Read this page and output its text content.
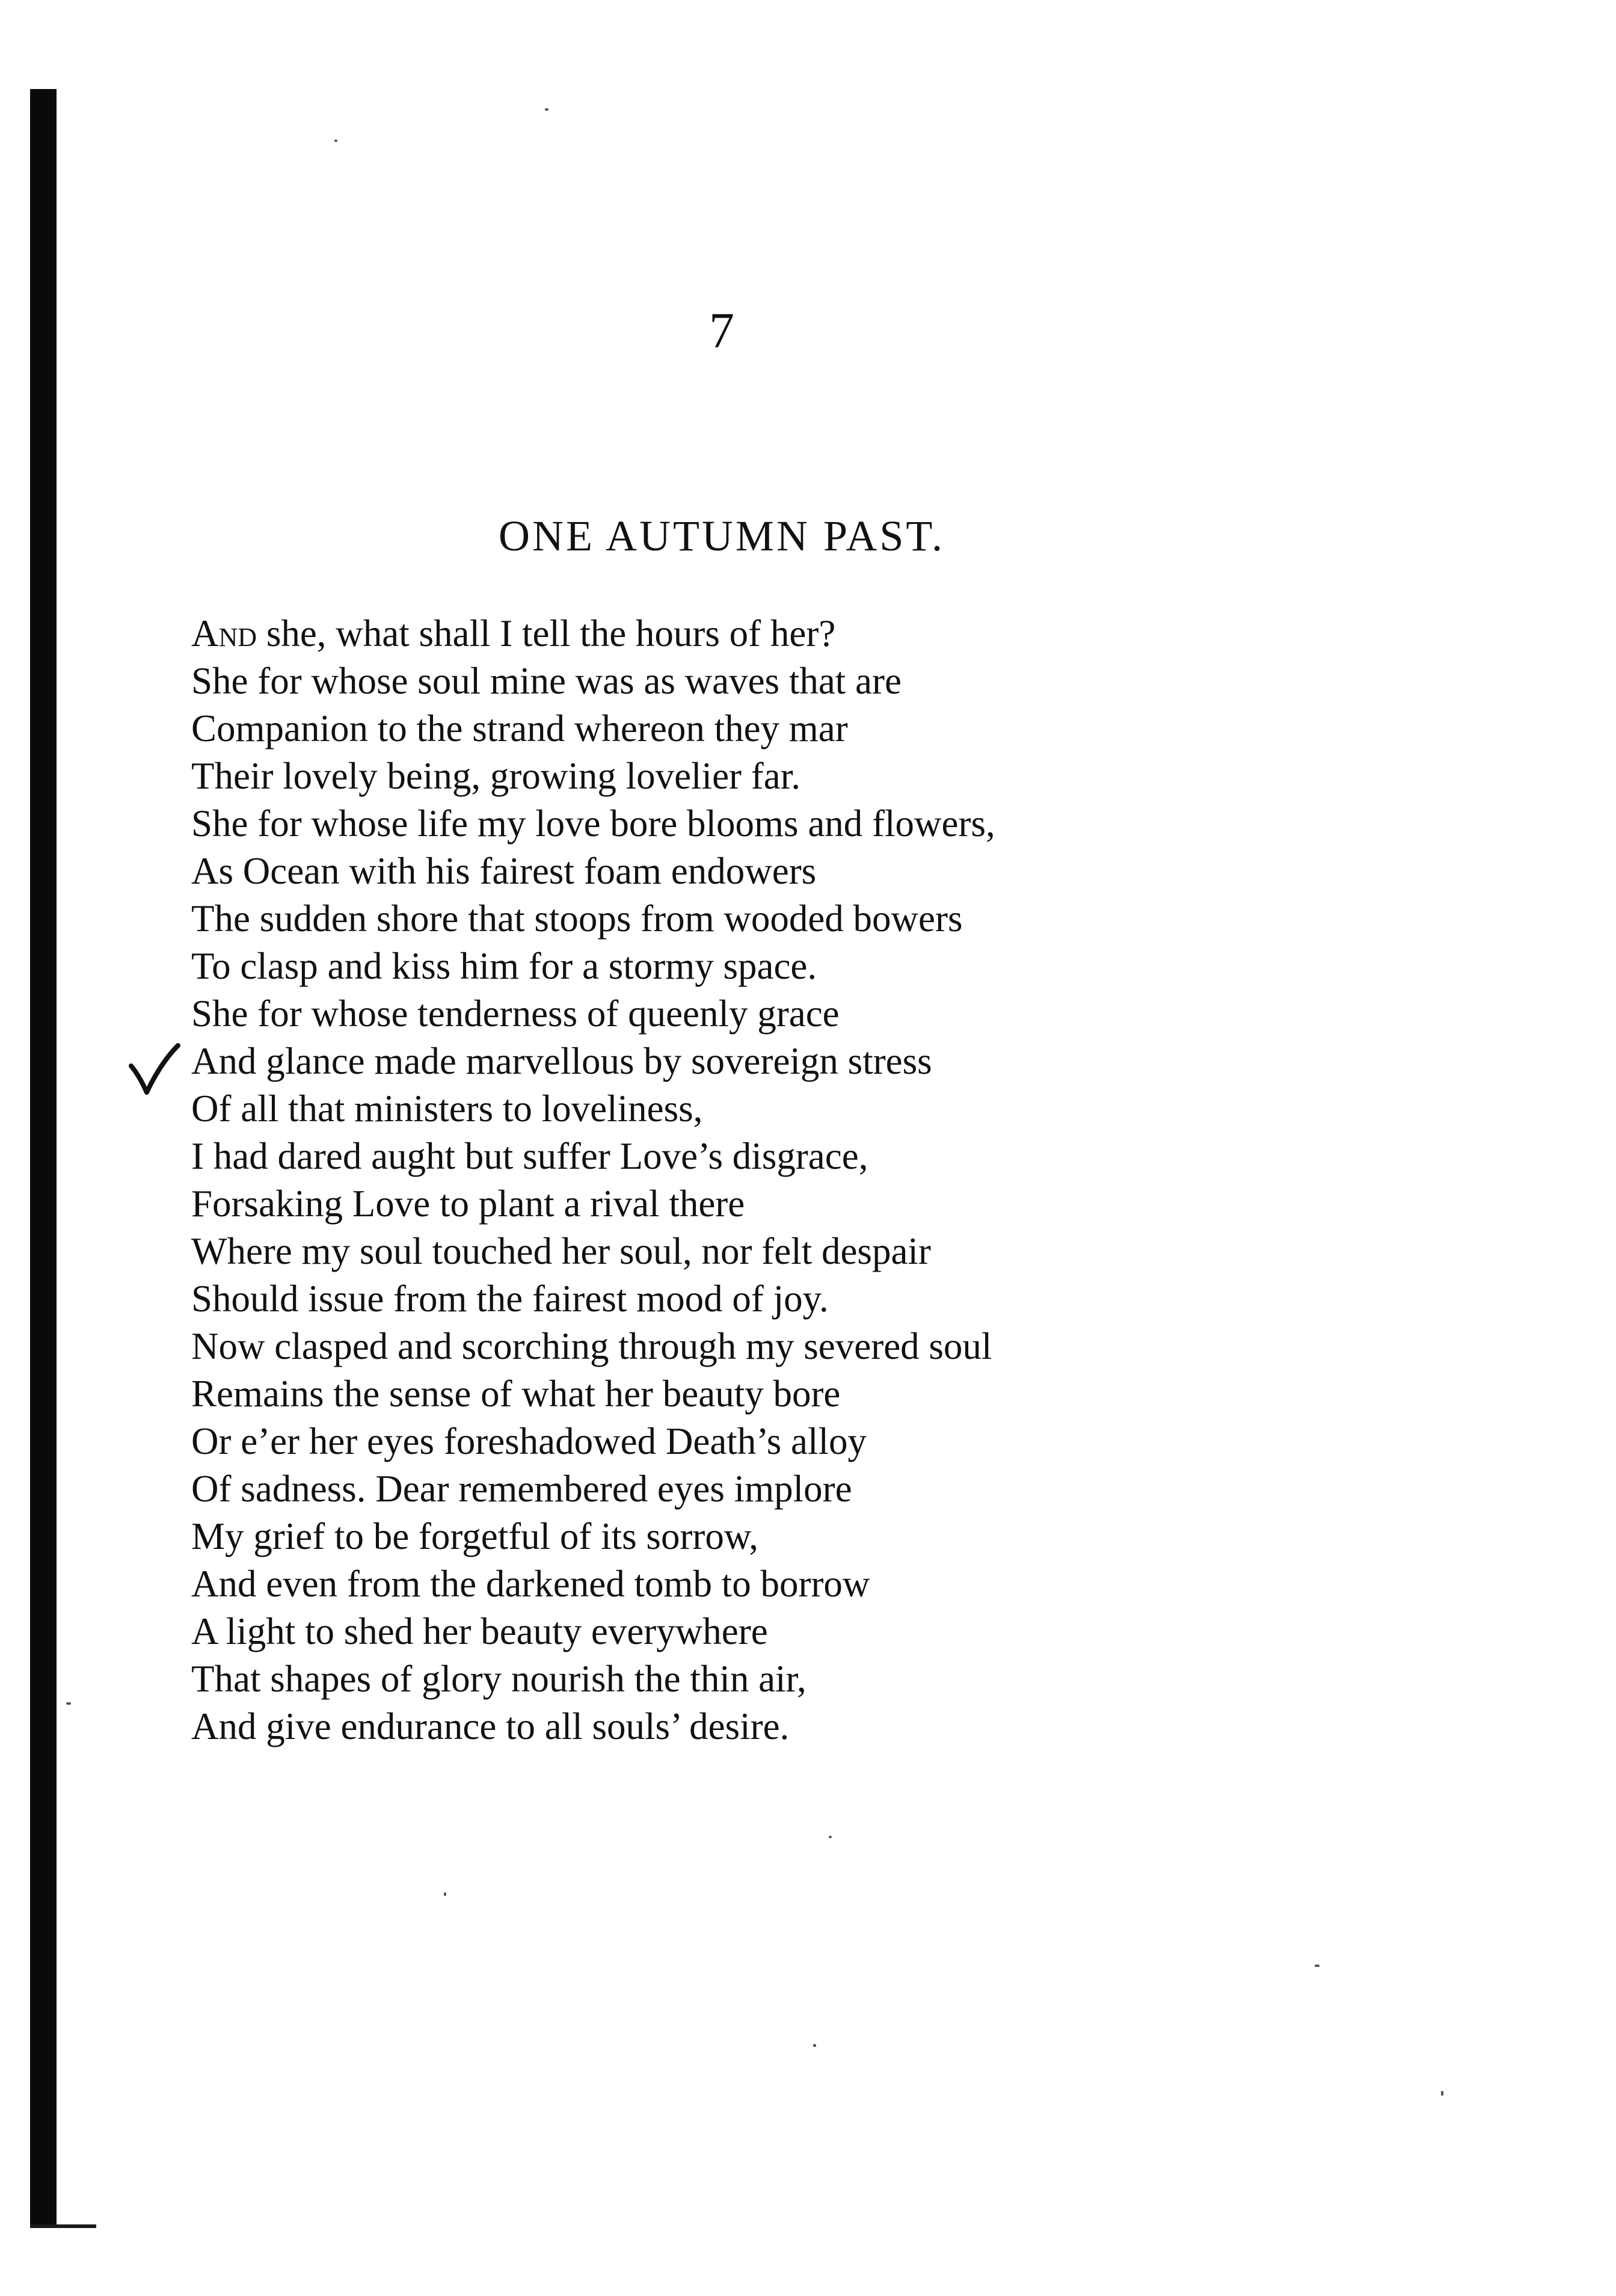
7
ONE AUTUMN PAST.
And she, what shall I tell the hours of her?
She for whose soul mine was as waves that are
Companion to the strand whereon they mar
Their lovely being, growing lovelier far.
She for whose life my love bore blooms and flowers,
As Ocean with his fairest foam endowers
The sudden shore that stoops from wooded bowers
To clasp and kiss him for a stormy space.
She for whose tenderness of queenly grace
And glance made marvellous by sovereign stress
Of all that ministers to loveliness,
I had dared aught but suffer Love’s disgrace,
Forsaking Love to plant a rival there
Where my soul touched her soul, nor felt despair
Should issue from the fairest mood of joy.
Now clasped and scorching through my severed soul
Remains the sense of what her beauty bore
Or e’er her eyes foreshadowed Death’s alloy
Of sadness. Dear remembered eyes implore
My grief to be forgetful of its sorrow,
And even from the darkened tomb to borrow
A light to shed her beauty everywhere
That shapes of glory nourish the thin air,
And give endurance to all souls’ desire.
